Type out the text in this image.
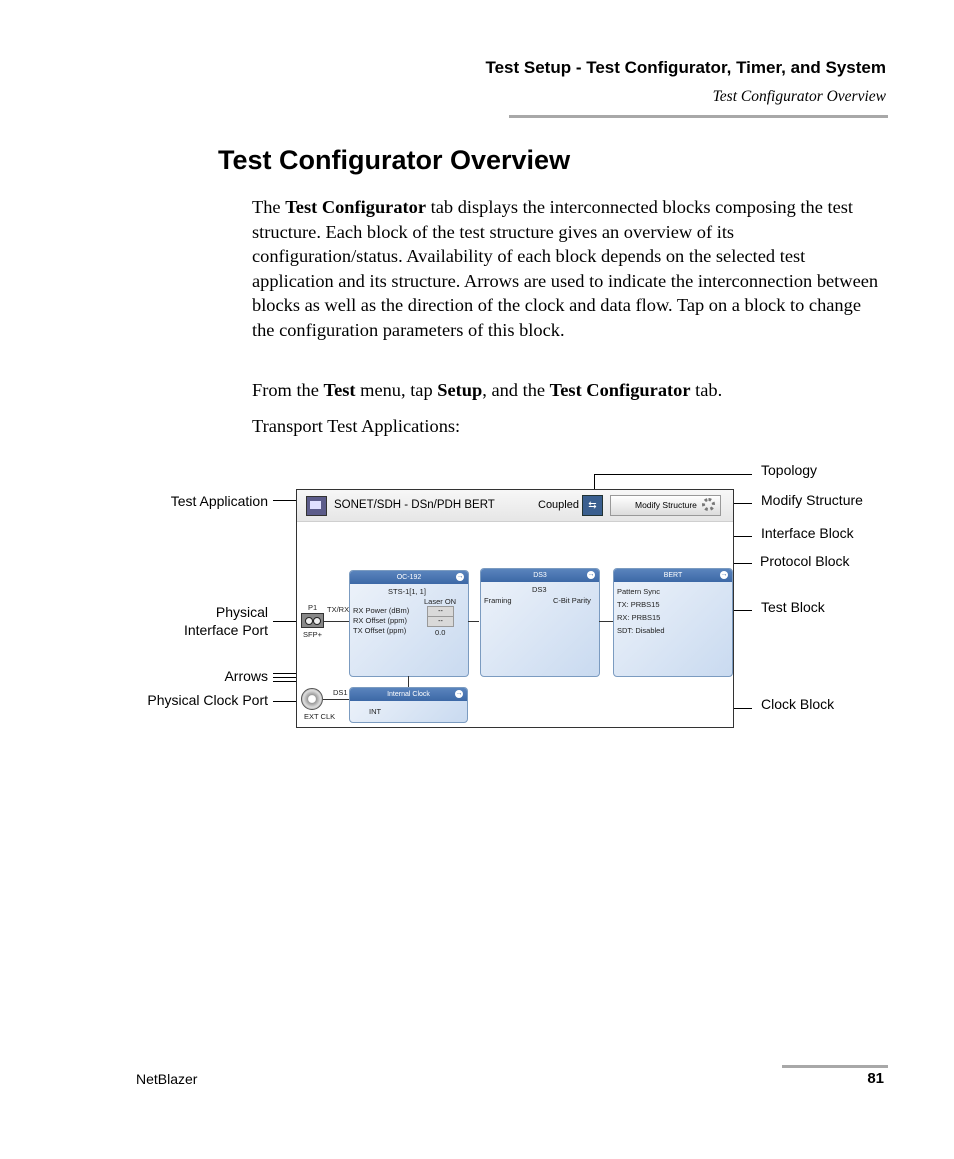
Test Setup - Test Configurator, Timer, and System
Test Configurator Overview
Test Configurator Overview

The Test Configurator tab displays the interconnected blocks composing the test structure. Each block of the test structure gives an overview of its configuration/status. Availability of each block depends on the selected test application and its structure. Arrows are used to indicate the interconnection between blocks as well as the direction of the clock and data flow. Tap on a block to change the configuration parameters of this block.

From the Test menu, tap Setup, and the Test Configurator tab.

Transport Test Applications:

Topology
Test Application	Modify Structure
Interface Block
Protocol Block
Physical
Interface Port
Test Block
Arrows
Physical Clock Port	Clock Block
SONET/SDH - DSn/PDH BERT	Coupled ⇆	Modify Structure
P1 TX/RX
SFP+
OC-192	→
STS-1[1, 1]
Laser ON
RX Power (dBm)	--
RX Offset (ppm)	--
TX Offset (ppm)	0.0
DS3	→
DS3
Framing	C-Bit Parity
BERT	→
Pattern Sync
TX: PRBS15
RX: PRBS15
SDT: Disabled
DS1
EXT CLK
Internal Clock	→
INT
NetBlazer	81
